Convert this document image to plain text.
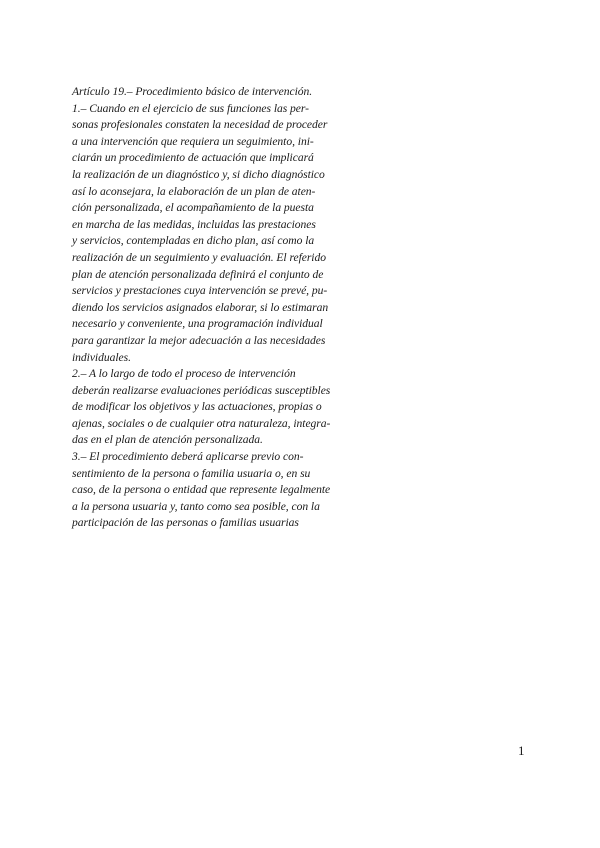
Artículo 19.– Procedimiento básico de intervención.
1.– Cuando en el ejercicio de sus funciones las per-
sonas profesionales constaten la necesidad de proceder
a una intervención que requiera un seguimiento, ini-
ciarán un procedimiento de actuación que implicará
la realización de un diagnóstico y, si dicho diagnóstico
así lo aconsejara, la elaboración de un plan de aten-
ción personalizada, el acompañamiento de la puesta
en marcha de las medidas, incluidas las prestaciones
y servicios, contempladas en dicho plan, así como la
realización de un seguimiento y evaluación. El referido
plan de atención personalizada definirá el conjunto de
servicios y prestaciones cuya intervención se prevé, pu-
diendo los servicios asignados elaborar, si lo estimaran
necesario y conveniente, una programación individual
para garantizar la mejor adecuación a las necesidades
individuales.
2.– A lo largo de todo el proceso de intervención
deberán realizarse evaluaciones periódicas susceptibles
de modificar los objetivos y las actuaciones, propias o
ajenas, sociales o de cualquier otra naturaleza, integra-
das en el plan de atención personalizada.
3.– El procedimiento deberá aplicarse previo con-
sentimiento de la persona o familia usuaria o, en su
caso, de la persona o entidad que represente legalmente
a la persona usuaria y, tanto como sea posible, con la
participación de las personas o familias usuarias
1
